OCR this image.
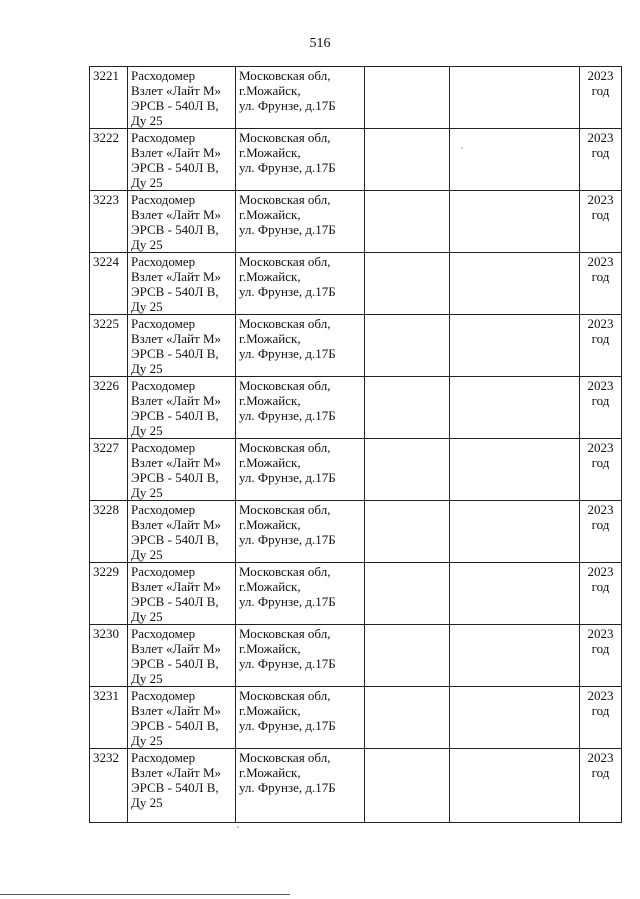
516
3221	Расходомер
Взлет «Лайт М»
ЭРСВ - 540Л В,
Ду 25	Московская обл,
г.Можайск,
ул. Фрунзе, д.17Б			2023
год

3222	Расходомер
Взлет «Лайт М»
ЭРСВ - 540Л В,
Ду 25	Московская обл,
г.Можайск,
ул. Фрунзе, д.17Б			2023
год

3223	Расходомер
Взлет «Лайт М»
ЭРСВ - 540Л В,
Ду 25	Московская обл,
г.Можайск,
ул. Фрунзе, д.17Б			2023
год

3224	Расходомер
Взлет «Лайт М»
ЭРСВ - 540Л В,
Ду 25	Московская обл,
г.Можайск,
ул. Фрунзе, д.17Б			2023
год

3225	Расходомер
Взлет «Лайт М»
ЭРСВ - 540Л В,
Ду 25	Московская обл,
г.Можайск,
ул. Фрунзе, д.17Б			2023
год

3226	Расходомер
Взлет «Лайт М»
ЭРСВ - 540Л В,
Ду 25	Московская обл,
г.Можайск,
ул. Фрунзе, д.17Б			2023
год

3227	Расходомер
Взлет «Лайт М»
ЭРСВ - 540Л В,
Ду 25	Московская обл,
г.Можайск,
ул. Фрунзе, д.17Б			2023
год

3228	Расходомер
Взлет «Лайт М»
ЭРСВ - 540Л В,
Ду 25	Московская обл,
г.Можайск,
ул. Фрунзе, д.17Б			2023
год

3229	Расходомер
Взлет «Лайт М»
ЭРСВ - 540Л В,
Ду 25	Московская обл,
г.Можайск,
ул. Фрунзе, д.17Б			2023
год

3230	Расходомер
Взлет «Лайт М»
ЭРСВ - 540Л В,
Ду 25	Московская обл,
г.Можайск,
ул. Фрунзе, д.17Б			2023
год

3231	Расходомер
Взлет «Лайт М»
ЭРСВ - 540Л В,
Ду 25	Московская обл,
г.Можайск,
ул. Фрунзе, д.17Б			2023
год

3232	Расходомер
Взлет «Лайт М»
ЭРСВ - 540Л В,
Ду 25	Московская обл,
г.Можайск,
ул. Фрунзе, д.17Б			2023
год
